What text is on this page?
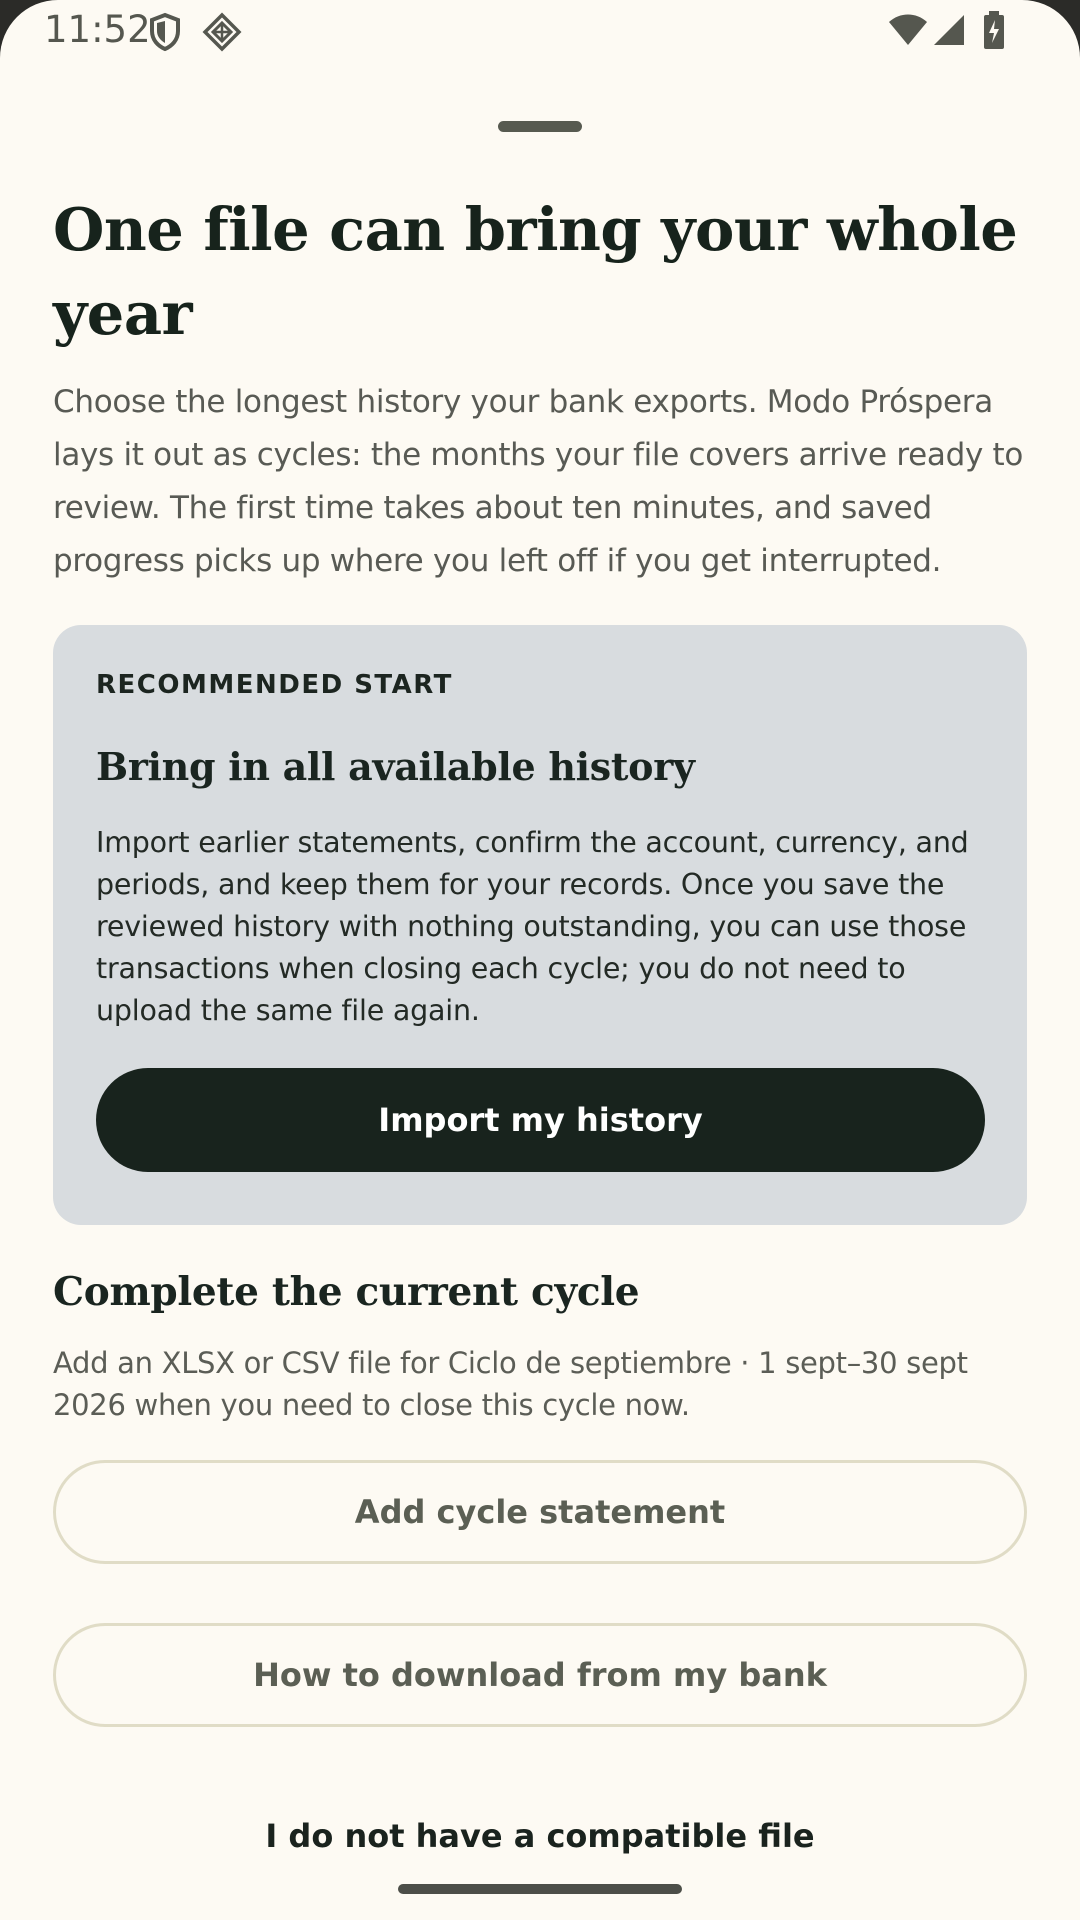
11:52
One file can bring your whole year

Choose the longest history your bank exports. Modo Próspera lays it out as cycles: the months your file covers arrive ready to review. The first time takes about ten minutes, and saved progress picks up where you left off if you get interrupted.

RECOMMENDED START
Bring in all available history

Import earlier statements, confirm the account, currency, and periods, and keep them for your records. Once you save the reviewed history with nothing outstanding, you can use those transactions when closing each cycle; you do not need to upload the same file again.

Import my history
Complete the current cycle

Add an XLSX or CSV file for Ciclo de septiembre · 1 sept–30 sept 2026 when you need to close this cycle now.

Add cycle statement
How to download from my bank
I do not have a compatible file
